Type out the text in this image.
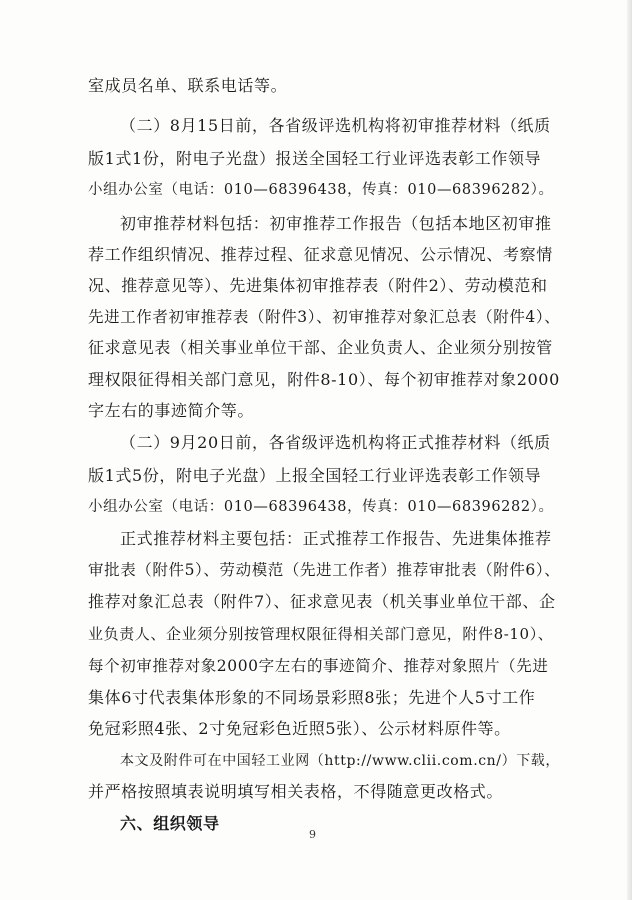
室成员名单、联系电话等。

（二）8月15日前，各省级评选机构将初审推荐材料（纸质

版1式1份，附电子光盘）报送全国轻工行业评选表彰工作领导

小组办公室（电话：010—68396438，传真：010—68396282）。

初审推荐材料包括：初审推荐工作报告（包括本地区初审推

荐工作组织情况、推荐过程、征求意见情况、公示情况、考察情

况、推荐意见等）、先进集体初审推荐表（附件2）、劳动模范和

先进工作者初审推荐表（附件3）、初审推荐对象汇总表（附件4）、

征求意见表（相关事业单位干部、企业负责人、企业须分别按管

理权限征得相关部门意见，附件8-10）、每个初审推荐对象2000

字左右的事迹简介等。

（二）9月20日前，各省级评选机构将正式推荐材料（纸质

版1式5份，附电子光盘）上报全国轻工行业评选表彰工作领导

小组办公室（电话：010—68396438，传真：010—68396282）。

正式推荐材料主要包括：正式推荐工作报告、先进集体推荐

审批表（附件5）、劳动模范（先进工作者）推荐审批表（附件6）、

推荐对象汇总表（附件7）、征求意见表（机关事业单位干部、企

业负责人、企业须分别按管理权限征得相关部门意见，附件8-10）、

每个初审推荐对象2000字左右的事迹简介、推荐对象照片（先进

集体6寸代表集体形象的不同场景彩照8张；先进个人5寸工作

免冠彩照4张、2寸免冠彩色近照5张）、公示材料原件等。

本文及附件可在中国轻工业网（http://www.clii.com.cn/）下载，

并严格按照填表说明填写相关表格，不得随意更改格式。

六、组织领导

9
